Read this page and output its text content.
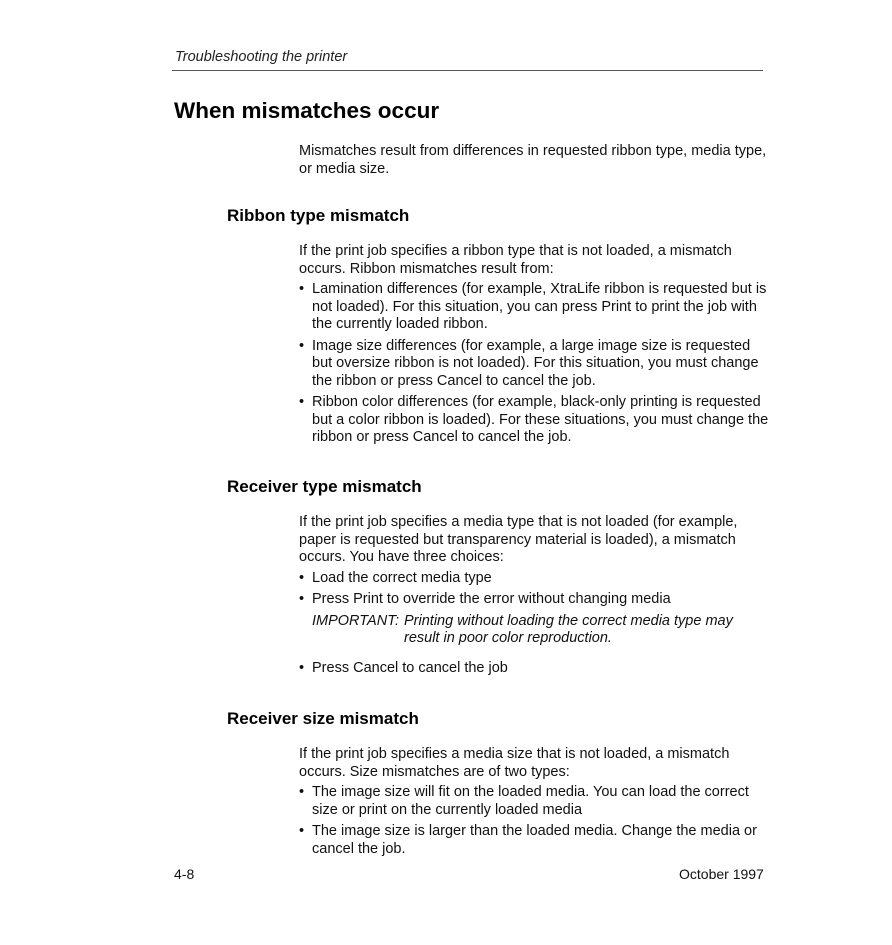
Troubleshooting the printer
When mismatches occur

Mismatches result from differences in requested ribbon type, media type, or media size.

Ribbon type mismatch

If the print job specifies a ribbon type that is not loaded, a mismatch occurs. Ribbon mismatches result from:

• Lamination differences (for example, XtraLife ribbon is requested but is not loaded). For this situation, you can press Print to print the job with the currently loaded ribbon.
• Image size differences (for example, a large image size is requested but oversize ribbon is not loaded). For this situation, you must change the ribbon or press Cancel to cancel the job.
• Ribbon color differences (for example, black-only printing is requested but a color ribbon is loaded). For these situations, you must change the ribbon or press Cancel to cancel the job.
Receiver type mismatch

If the print job specifies a media type that is not loaded (for example, paper is requested but transparency material is loaded), a mismatch occurs. You have three choices:

• Load the correct media type
• Press Print to override the error without changing media
IMPORTANT: Printing without loading the correct media type may result in poor color reproduction.
• Press Cancel to cancel the job
Receiver size mismatch

If the print job specifies a media size that is not loaded, a mismatch occurs. Size mismatches are of two types:

• The image size will fit on the loaded media. You can load the correct size or print on the currently loaded media
• The image size is larger than the loaded media. Change the media or cancel the job.
4-8	October 1997
